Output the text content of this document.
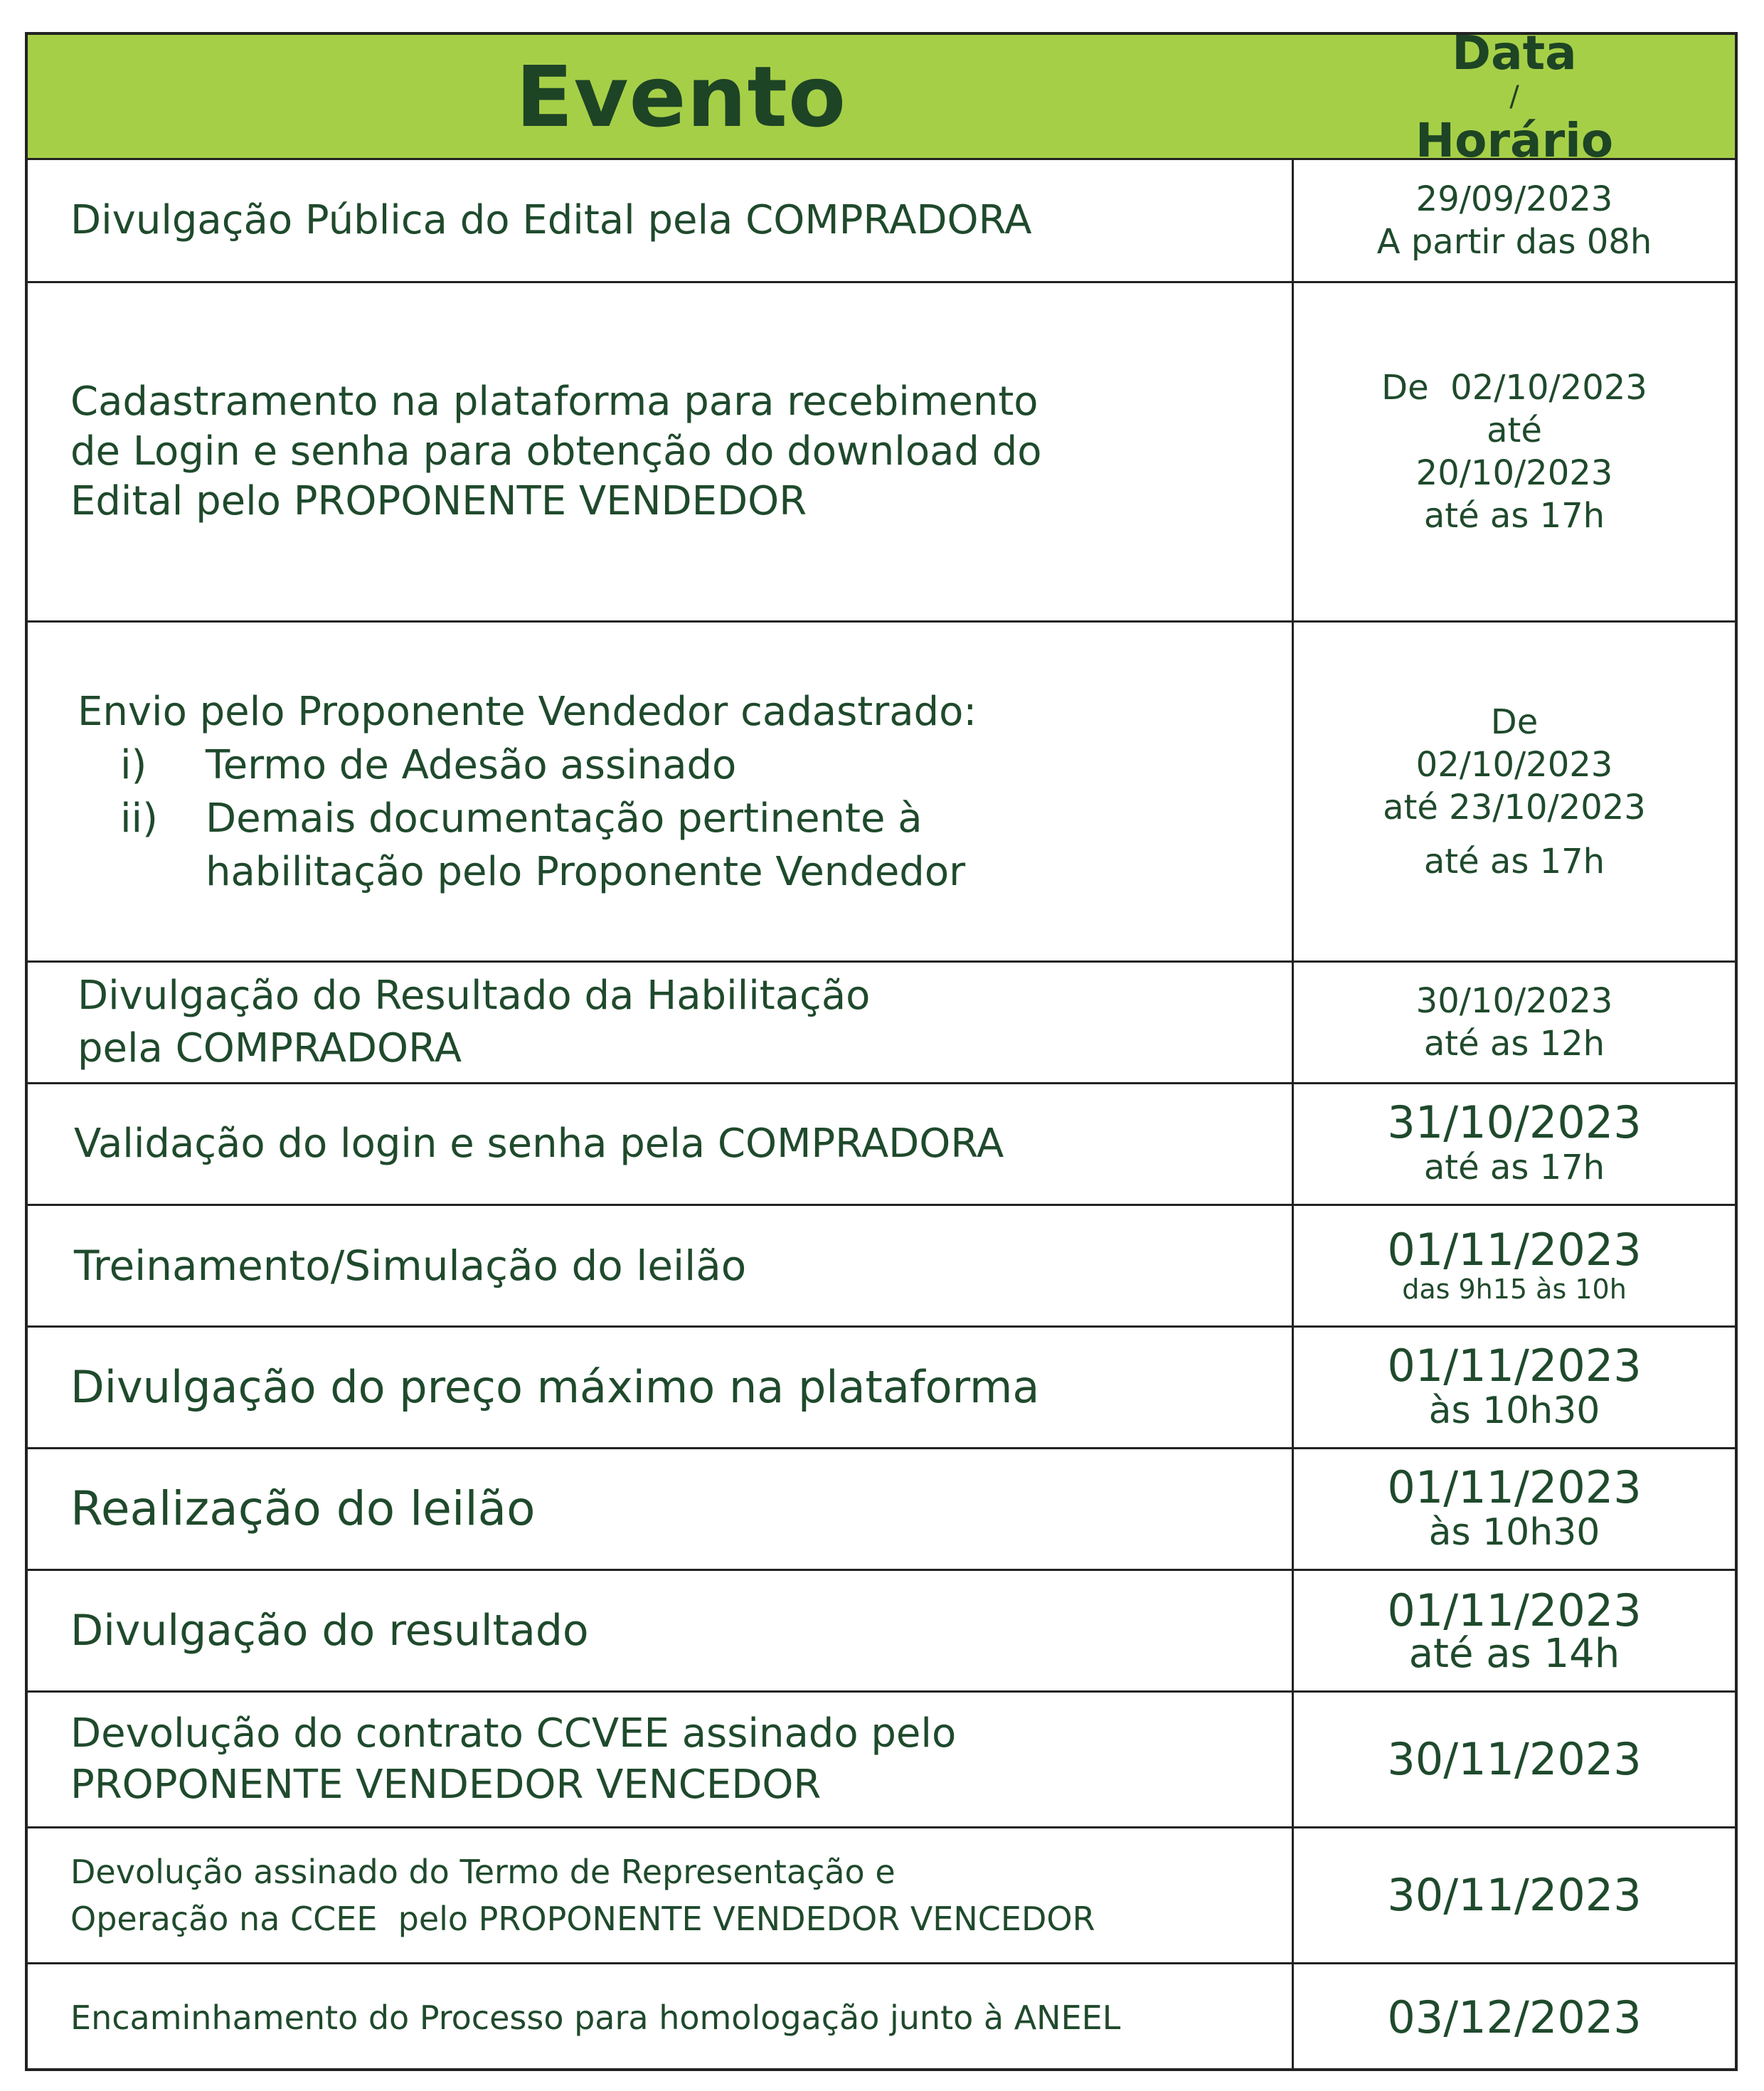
Evento	Data
/
Horário
Divulgação Pública do Edital pela COMPRADORA	29/09/2023
A partir das 08h
Cadastramento na plataforma para recebimento
de Login e senha para obtenção do download do
Edital pelo PROPONENTE VENDEDOR
De  02/10/2023
até
20/10/2023
até as 17h
Envio pelo Proponente Vendedor cadastrado:
i)	Termo de Adesão assinado
ii)	Demais documentação pertinente à habilitação pelo Proponente Vendedor
De
02/10/2023
até 23/10/2023
até as 17h
Divulgação do Resultado da Habilitação
pela COMPRADORA
30/10/2023
até as 12h
Validação do login e senha pela COMPRADORA	31/10/2023
até as 17h
Treinamento/Simulação do leilão	01/11/2023
das 9h15 às 10h
Divulgação do preço máximo na plataforma	01/11/2023
às 10h30
Realização do leilão	01/11/2023
às 10h30
Divulgação do resultado	01/11/2023
até as 14h
Devolução do contrato CCVEE assinado pelo
PROPONENTE VENDEDOR VENCEDOR	30/11/2023
Devolução assinado do Termo de Representação e
Operação na CCEE  pelo PROPONENTE VENDEDOR VENCEDOR	30/11/2023
Encaminhamento do Processo para homologação junto à ANEEL	03/12/2023
